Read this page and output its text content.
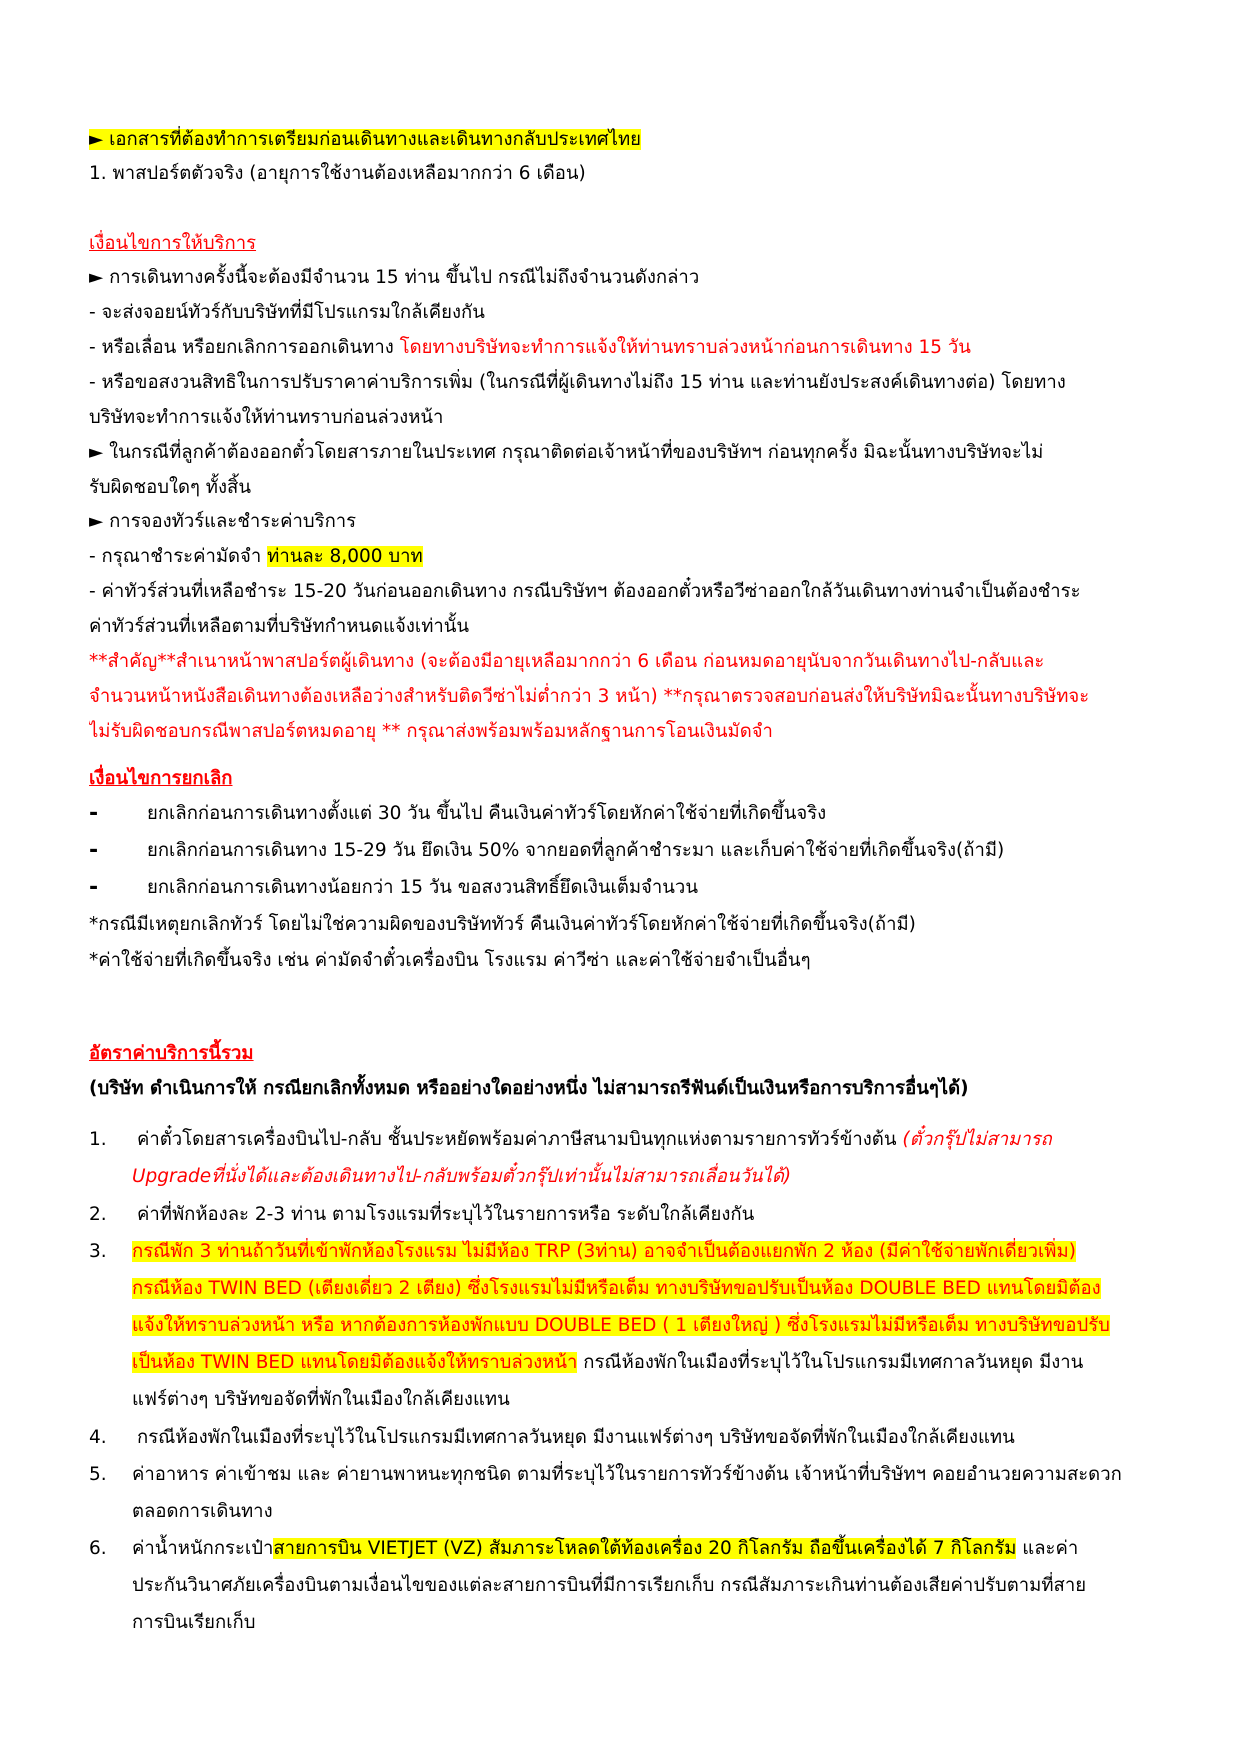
► เอกสารที่ต้องทำการเตรียมก่อนเดินทางและเดินทางกลับประเทศไทย
1. พาสปอร์ตตัวจริง (อายุการใช้งานต้องเหลือมากกว่า 6 เดือน)
เงื่อนไขการให้บริการ
► การเดินทางครั้งนี้จะต้องมีจำนวน 15 ท่าน ขึ้นไป กรณีไม่ถึงจำนวนดังกล่าว
- จะส่งจอยน์ทัวร์กับบริษัทที่มีโปรแกรมใกล้เคียงกัน
- หรือเลื่อน หรือยกเลิกการออกเดินทาง โดยทางบริษัทจะทำการแจ้งให้ท่านทราบล่วงหน้าก่อนการเดินทาง 15 วัน
- หรือขอสงวนสิทธิในการปรับราคาค่าบริการเพิ่ม (ในกรณีที่ผู้เดินทางไม่ถึง 15 ท่าน และท่านยังประสงค์เดินทางต่อ) โดยทาง
บริษัทจะทำการแจ้งให้ท่านทราบก่อนล่วงหน้า
► ในกรณีที่ลูกค้าต้องออกตั๋วโดยสารภายในประเทศ กรุณาติดต่อเจ้าหน้าที่ของบริษัทฯ ก่อนทุกครั้ง มิฉะนั้นทางบริษัทจะไม่
รับผิดชอบใดๆ ทั้งสิ้น
► การจองทัวร์และชำระค่าบริการ
- กรุณาชำระค่ามัดจำ ท่านละ 8,000 บาท
- ค่าทัวร์ส่วนที่เหลือชำระ 15-20 วันก่อนออกเดินทาง กรณีบริษัทฯ ต้องออกตั๋วหรือวีซ่าออกใกล้วันเดินทางท่านจำเป็นต้องชำระ
ค่าทัวร์ส่วนที่เหลือตามที่บริษัทกำหนดแจ้งเท่านั้น
**สำคัญ**สำเนาหน้าพาสปอร์ตผู้เดินทาง (จะต้องมีอายุเหลือมากกว่า 6 เดือน ก่อนหมดอายุนับจากวันเดินทางไป-กลับและ
จำนวนหน้าหนังสือเดินทางต้องเหลือว่างสำหรับติดวีซ่าไม่ต่ำกว่า 3 หน้า) **กรุณาตรวจสอบก่อนส่งให้บริษัทมิฉะนั้นทางบริษัทจะ
ไม่รับผิดชอบกรณีพาสปอร์ตหมดอายุ ** กรุณาส่งพร้อมพร้อมหลักฐานการโอนเงินมัดจำ
เงื่อนไขการยกเลิก
-	ยกเลิกก่อนการเดินทางตั้งแต่ 30 วัน ขึ้นไป คืนเงินค่าทัวร์โดยหักค่าใช้จ่ายที่เกิดขึ้นจริง
-	ยกเลิกก่อนการเดินทาง 15-29 วัน ยึดเงิน 50% จากยอดที่ลูกค้าชำระมา และเก็บค่าใช้จ่ายที่เกิดขึ้นจริง(ถ้ามี)
-	ยกเลิกก่อนการเดินทางน้อยกว่า 15 วัน ขอสงวนสิทธิ์ยึดเงินเต็มจำนวน
*กรณีมีเหตุยกเลิกทัวร์ โดยไม่ใช่ความผิดของบริษัททัวร์ คืนเงินค่าทัวร์โดยหักค่าใช้จ่ายที่เกิดขึ้นจริง(ถ้ามี)
*ค่าใช้จ่ายที่เกิดขึ้นจริง เช่น ค่ามัดจำตั๋วเครื่องบิน โรงแรม ค่าวีซ่า และค่าใช้จ่ายจำเป็นอื่นๆ
อัตราค่าบริการนี้รวม
(บริษัท ดำเนินการให้ กรณียกเลิกทั้งหมด หรืออย่างใดอย่างหนึ่ง ไม่สามารถรีฟันด์เป็นเงินหรือการบริการอื่นๆได้)
1. ค่าตั๋วโดยสารเครื่องบินไป-กลับ ชั้นประหยัดพร้อมค่าภาษีสนามบินทุกแห่งตามรายการทัวร์ข้างต้น (ตั๋วกรุ๊ปไม่สามารถ
Upgradeที่นั่งได้และต้องเดินทางไป-กลับพร้อมตั๋วกรุ๊ปเท่านั้นไม่สามารถเลื่อนวันได้)
2. ค่าที่พักห้องละ 2-3 ท่าน ตามโรงแรมที่ระบุไว้ในรายการหรือ ระดับใกล้เคียงกัน
3. กรณีพัก 3 ท่านถ้าวันที่เข้าพักห้องโรงแรม ไม่มีห้อง TRP (3ท่าน) อาจจำเป็นต้องแยกพัก 2 ห้อง (มีค่าใช้จ่ายพักเดี่ยวเพิ่ม)
กรณีห้อง TWIN BED (เตียงเดี่ยว 2 เตียง) ซึ่งโรงแรมไม่มีหรือเต็ม ทางบริษัทขอปรับเป็นห้อง DOUBLE BED แทนโดยมิต้อง
แจ้งให้ทราบล่วงหน้า หรือ หากต้องการห้องพักแบบ DOUBLE BED ( 1 เตียงใหญ่ ) ซึ่งโรงแรมไม่มีหรือเต็ม ทางบริษัทขอปรับ
เป็นห้อง TWIN BED แทนโดยมิต้องแจ้งให้ทราบล่วงหน้า กรณีห้องพักในเมืองที่ระบุไว้ในโปรแกรมมีเทศกาลวันหยุด มีงาน
แฟร์ต่างๆ บริษัทขอจัดที่พักในเมืองใกล้เคียงแทน
4. กรณีห้องพักในเมืองที่ระบุไว้ในโปรแกรมมีเทศกาลวันหยุด มีงานแฟร์ต่างๆ บริษัทขอจัดที่พักในเมืองใกล้เคียงแทน
5. ค่าอาหาร ค่าเข้าชม และ ค่ายานพาหนะทุกชนิด ตามที่ระบุไว้ในรายการทัวร์ข้างต้น เจ้าหน้าที่บริษัทฯ คอยอำนวยความสะดวก
ตลอดการเดินทาง
6. ค่าน้ำหนักกระเป๋าสายการบิน VIETJET (VZ) สัมภาระโหลดใต้ท้องเครื่อง 20 กิโลกรัม ถือขึ้นเครื่องได้ 7 กิโลกรัม และค่า
ประกันวินาศภัยเครื่องบินตามเงื่อนไขของแต่ละสายการบินที่มีการเรียกเก็บ กรณีสัมภาระเกินท่านต้องเสียค่าปรับตามที่สาย
การบินเรียกเก็บ
